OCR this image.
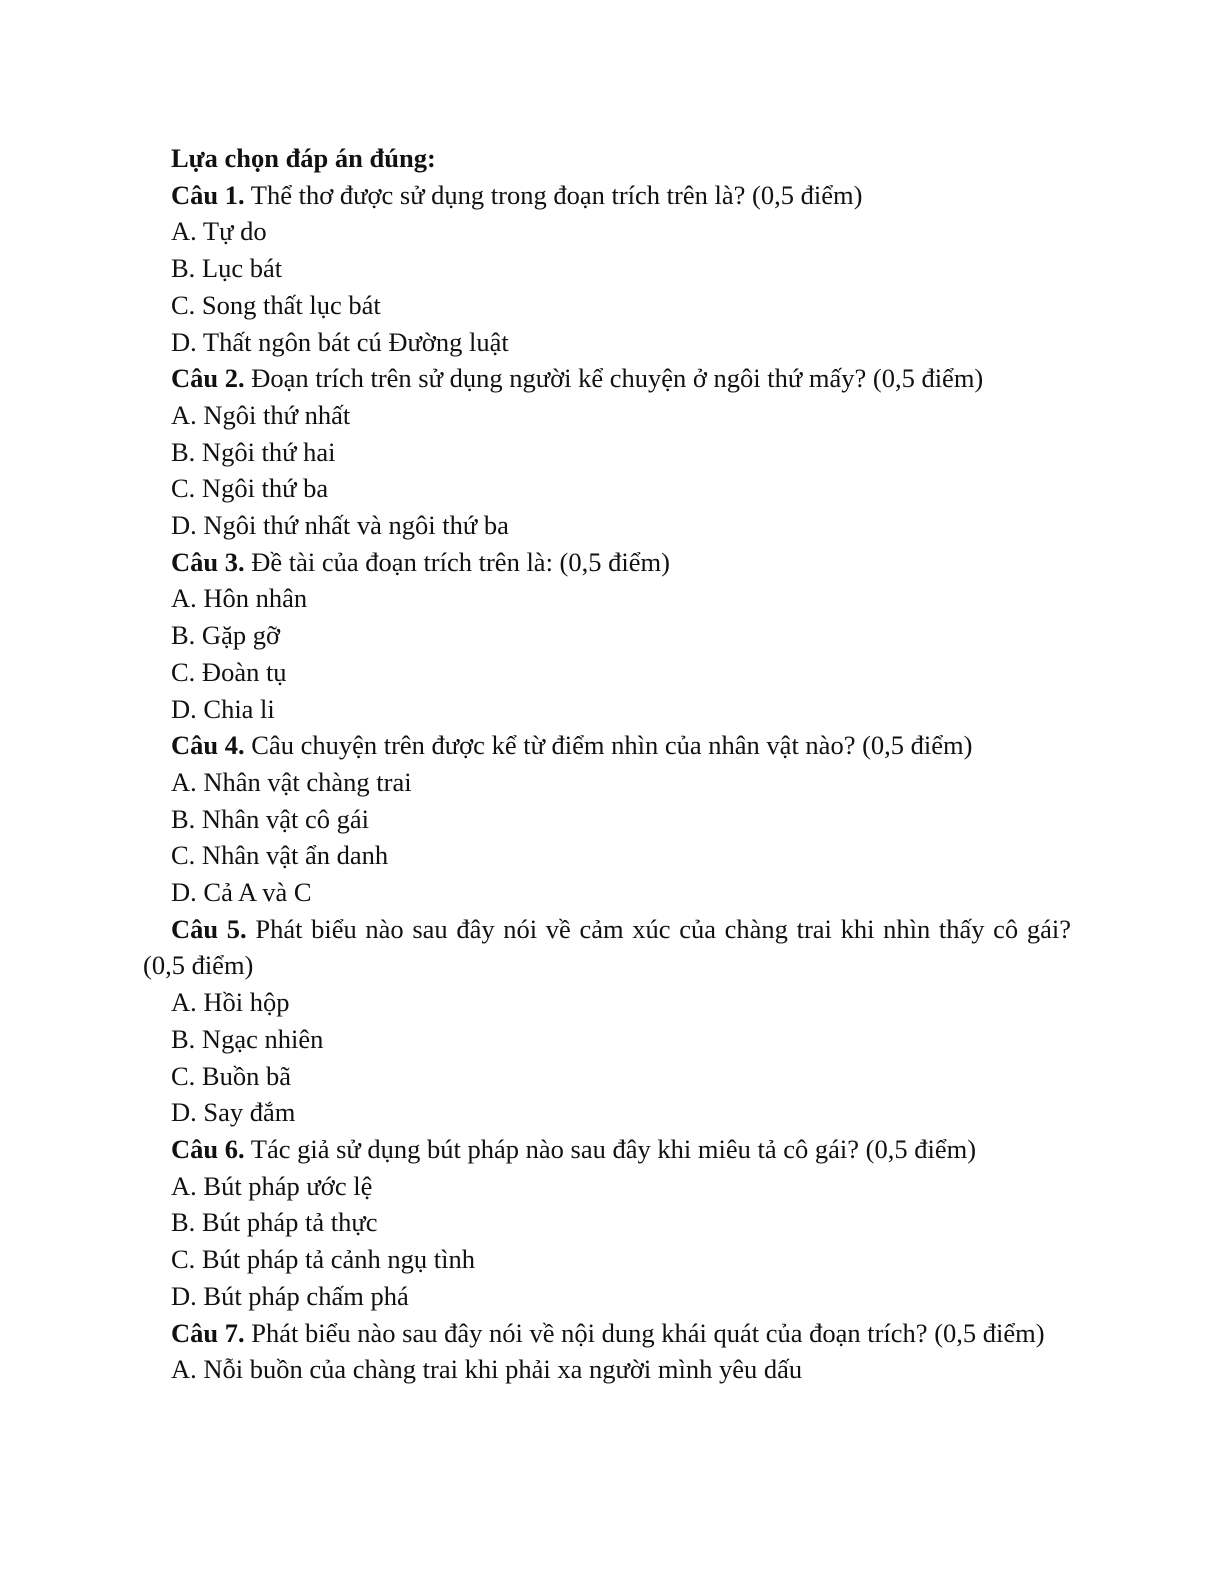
Lựa chọn đáp án đúng:
Câu 1. Thể thơ được sử dụng trong đoạn trích trên là? (0,5 điểm)
A. Tự do
B. Lục bát
C. Song thất lục bát
D. Thất ngôn bát cú Đường luật
Câu 2. Đoạn trích trên sử dụng người kể chuyện ở ngôi thứ mấy? (0,5 điểm)
A. Ngôi thứ nhất
B. Ngôi thứ hai
C. Ngôi thứ ba
D. Ngôi thứ nhất và ngôi thứ ba
Câu 3. Đề tài của đoạn trích trên là: (0,5 điểm)
A. Hôn nhân
B. Gặp gỡ
C. Đoàn tụ
D. Chia li
Câu 4. Câu chuyện trên được kể từ điểm nhìn của nhân vật nào? (0,5 điểm)
A. Nhân vật chàng trai
B. Nhân vật cô gái
C. Nhân vật ẩn danh
D. Cả A và C
Câu 5. Phát biểu nào sau đây nói về cảm xúc của chàng trai khi nhìn thấy cô gái? (0,5 điểm)
A. Hồi hộp
B. Ngạc nhiên
C. Buồn bã
D. Say đắm
Câu 6. Tác giả sử dụng bút pháp nào sau đây khi miêu tả cô gái? (0,5 điểm)
A. Bút pháp ước lệ
B. Bút pháp tả thực
C. Bút pháp tả cảnh ngụ tình
D. Bút pháp chấm phá
Câu 7. Phát biểu nào sau đây nói về nội dung khái quát của đoạn trích? (0,5 điểm)
A. Nỗi buồn của chàng trai khi phải xa người mình yêu dấu
